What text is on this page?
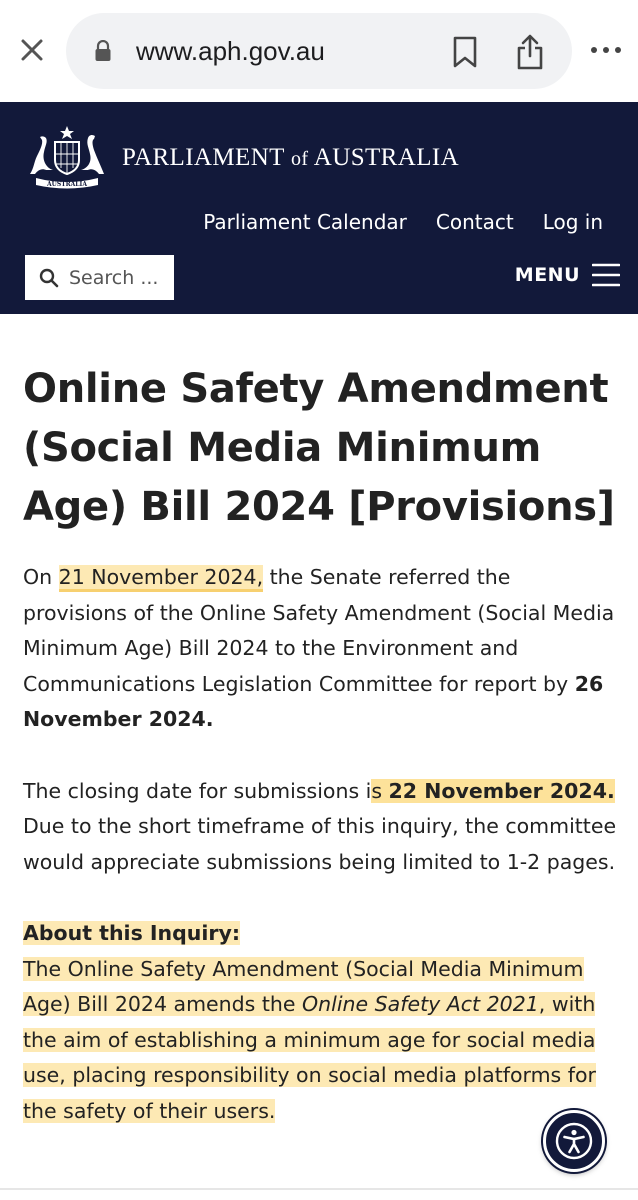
www.aph.gov.au
AUSTRALIA
PARLIAMENT of AUSTRALIA
Parliament Calendar Contact Log in
Search ...
MENU
Online Safety Amendment (Social Media Minimum Age) Bill 2024 [Provisions]

On 21 November 2024, the Senate referred the provisions of the Online Safety Amendment (Social Media Minimum Age) Bill 2024 to the Environment and Communications Legislation Committee for report by 26 November 2024.

The closing date for submissions is 22 November 2024. Due to the short timeframe of this inquiry, the committee would appreciate submissions being limited to 1-2 pages.

About this Inquiry:
The Online Safety Amendment (Social Media Minimum Age) Bill 2024 amends the Online Safety Act 2021, with the aim of establishing a minimum age for social media use, placing responsibility on social media platforms for the safety of their users.
